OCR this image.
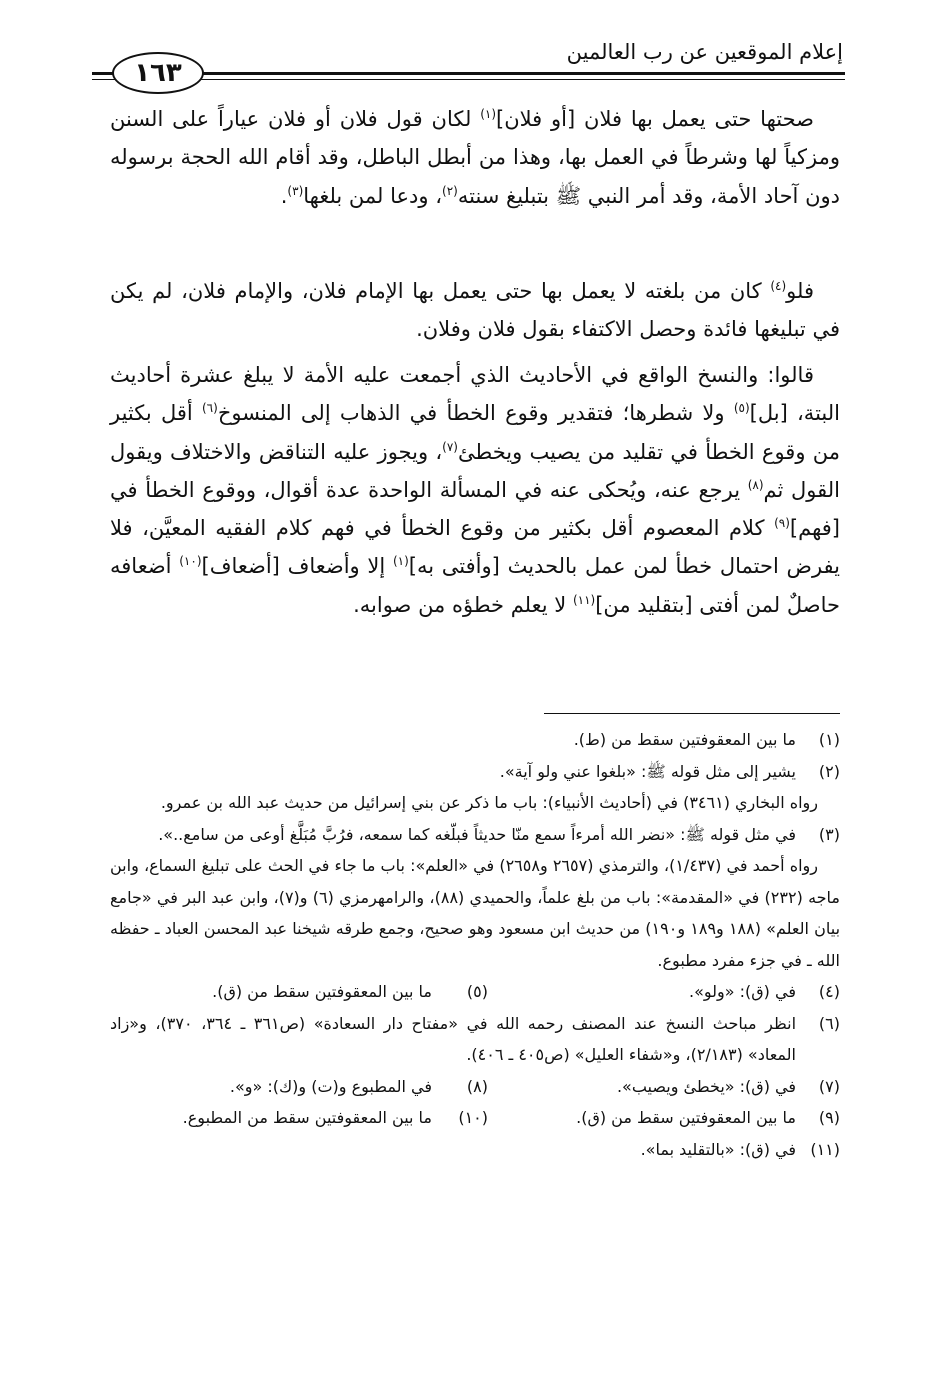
إعلام الموقعين عن رب العالمين
١٦٣
صحتها حتى يعمل بها فلان [أو فلان]$^{(١)}$ لكان قول فلان أو فلان عياراً على السنن ومزكياً لها وشرطاً في العمل بها، وهذا من أبطل الباطل، وقد أقام الله الحجة برسوله دون آحاد الأمة، وقد أمر النبي ﷺ بتبليغ سنته$^{(٢)}$، ودعا لمن بلغها$^{(٣)}$.
فلو$^{(٤)}$ كان من بلغته لا يعمل بها حتى يعمل بها الإمام فلان، والإمام فلان، لم يكن في تبليغها فائدة وحصل الاكتفاء بقول فلان وفلان.
قالوا: والنسخ الواقع في الأحاديث الذي أجمعت عليه الأمة لا يبلغ عشرة أحاديث البتة، [بل]$^{(٥)}$ ولا شطرها؛ فتقدير وقوع الخطأ في الذهاب إلى المنسوخ$^{(٦)}$ أقل بكثير من وقوع الخطأ في تقليد من يصيب ويخطئ$^{(٧)}$، ويجوز عليه التناقض والاختلاف ويقول القول ثم$^{(٨)}$ يرجع عنه، ويُحكى عنه في المسألة الواحدة عدة أقوال، ووقوع الخطأ في [فهم]$^{(٩)}$ كلام المعصوم أقل بكثير من وقوع الخطأ في فهم كلام الفقيه المعيَّن، فلا يفرض احتمال خطأ لمن عمل بالحديث [وأفتى به]$^{(١)}$ إلا وأضعاف [أضعاف]$^{(١٠)}$ أضعافه حاصلٌ لمن أفتى [بتقليد من]$^{(١١)}$ لا يعلم خطؤه من صوابه.
(١)
ما بين المعقوفتين سقط من (ط).
(٢)
يشير إلى مثل قوله ﷺ: «بلغوا عني ولو آية».
رواه البخاري (٣٤٦١) في (أحاديث الأنبياء): باب ما ذكر عن بني إسرائيل من حديث عبد الله بن عمرو.
(٣)
في مثل قوله ﷺ: «نضر الله أمرءاً سمع منّا حديثاً فبلّغه كما سمعه، فرُبَّ مُبَلَّغ أوعى من سامع..».
رواه أحمد في (١/٤٣٧)، والترمذي (٢٦٥٧ و٢٦٥٨) في «العلم»: باب ما جاء في الحث على تبليغ السماع، وابن ماجه (٢٣٢) في «المقدمة»: باب من بلغ علماً، والحميدي (٨٨)، والرامهرمزي (٦) و(٧)، وابن عبد البر في «جامع بيان العلم» (١٨٨ و١٨٩ و١٩٠) من حديث ابن مسعود وهو صحيح، وجمع طرقه شيخنا عبد المحسن العباد ـ حفظه الله ـ في جزء مفرد مطبوع.
(٤)
في (ق): «ولو».
(٥)
ما بين المعقوفتين سقط من (ق).
(٦)
انظر مباحث النسخ عند المصنف رحمه الله في «مفتاح دار السعادة» (ص٣٦١ ـ ٣٦٤، ٣٧٠)، و«زاد المعاد» (٢/١٨٣)، و«شفاء العليل» (ص٤٠٥ ـ ٤٠٦).
(٧)
في (ق): «يخطئ ويصيب».
(٨)
في المطبوع و(ت) و(ك): «و».
(٩)
ما بين المعقوفتين سقط من (ق).
(١٠)
ما بين المعقوفتين سقط من المطبوع.
(١١)
في (ق): «بالتقليد بما».
